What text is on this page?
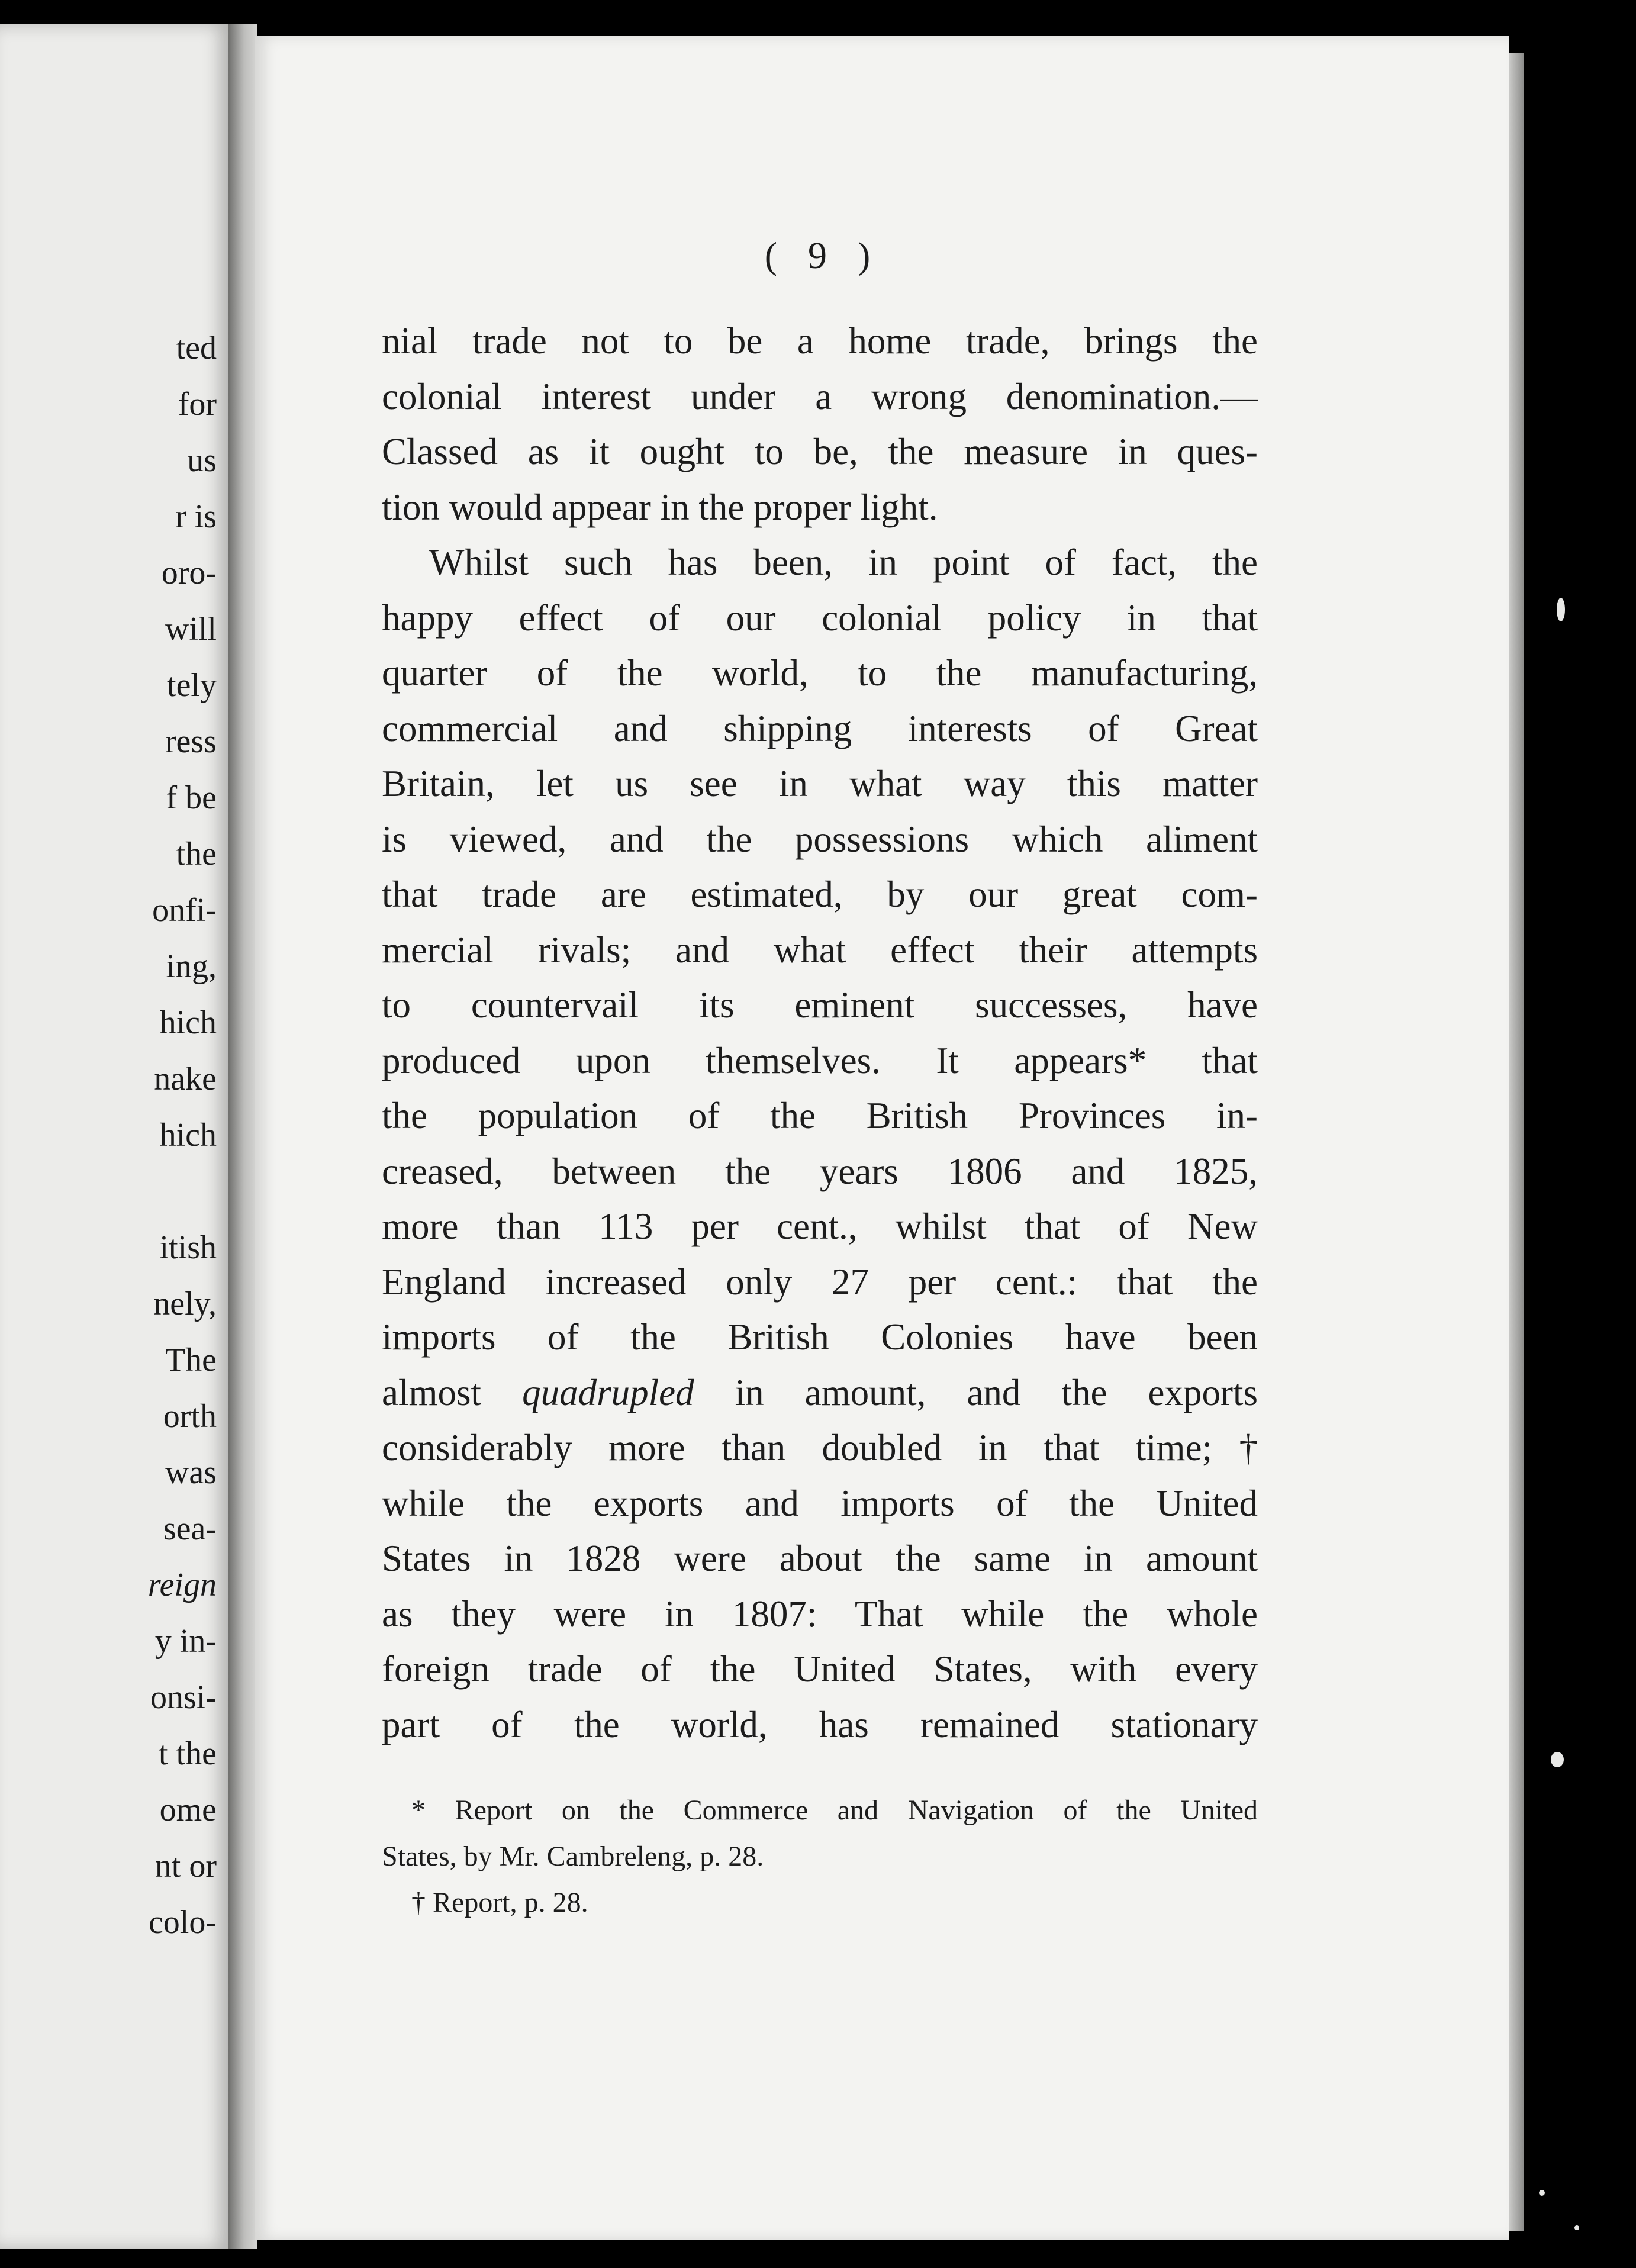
ted
for
us
r is
oro-
will
tely
ress
f be
the
onfi-
ing,
hich
nake
hich
itish
nely,
The
orth
was
sea-
reign
y in-
onsi-
t the
ome
nt or
colo-
( 9 )
nial trade not to be a home trade, brings the
colonial interest under a wrong denomination.—
Classed as it ought to be, the measure in ques-
tion would appear in the proper light.
Whilst such has been, in point of fact, the
happy effect of our colonial policy in that
quarter of the world, to the manufacturing,
commercial and shipping interests of Great
Britain, let us see in what way this matter
is viewed, and the possessions which aliment
that trade are estimated, by our great com-
mercial rivals; and what effect their attempts
to countervail its eminent successes, have
produced upon themselves. It appears* that
the population of the British Provinces in-
creased, between the years 1806 and 1825,
more than 113 per cent., whilst that of New
England increased only 27 per cent.: that the
imports of the British Colonies have been
almost quadrupled in amount, and the exports
considerably more than doubled in that time;†
while the exports and imports of the United
States in 1828 were about the same in amount
as they were in 1807: That while the whole
foreign trade of the United States, with every
part of the world, has remained stationary
* Report on the Commerce and Navigation of the United
States, by Mr. Cambreleng, p. 28.
† Report, p. 28.
